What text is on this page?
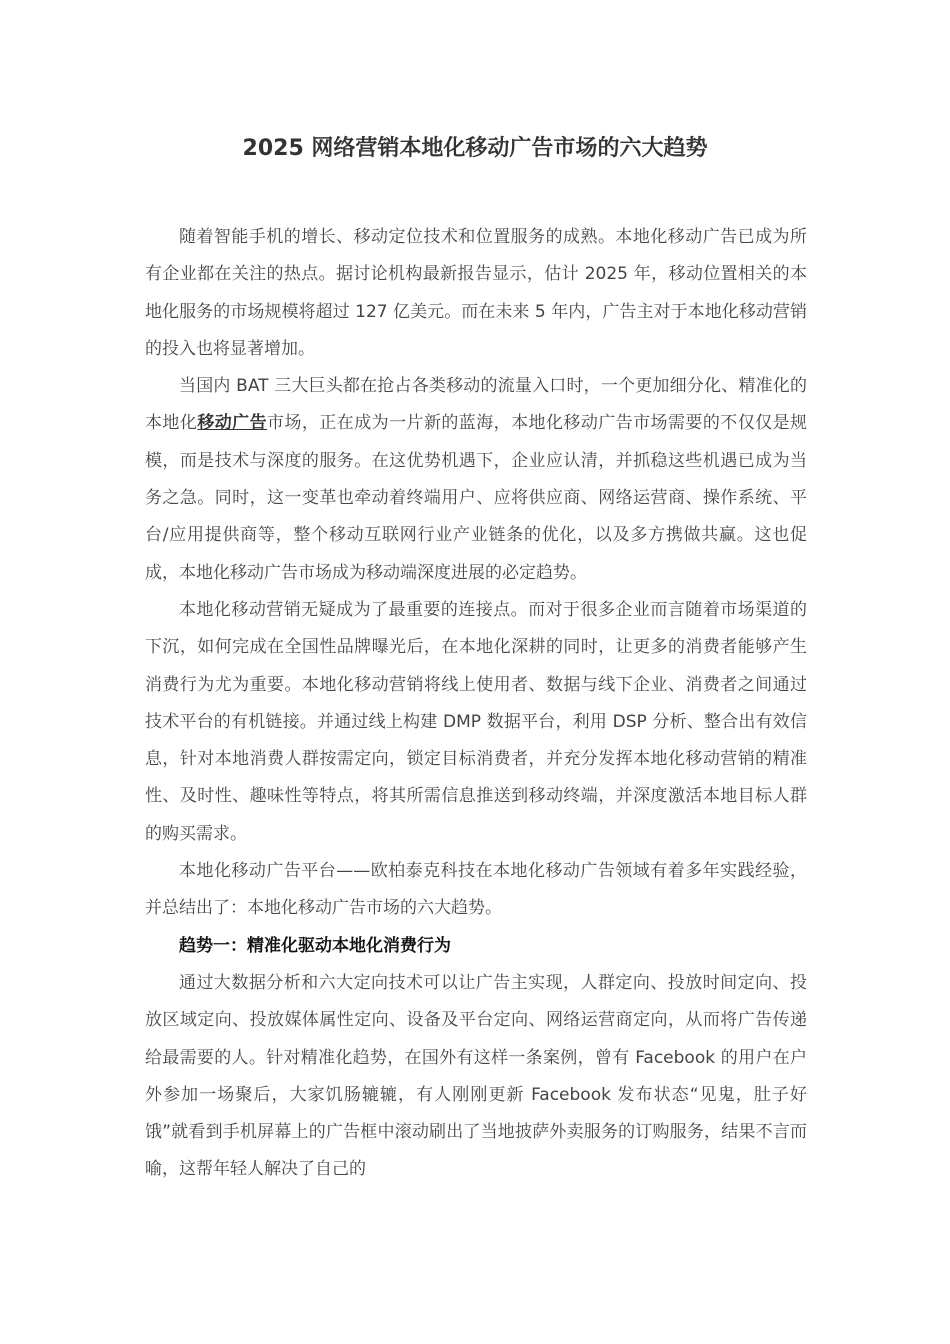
2025 网络营销本地化移动广告市场的六大趋势

随着智能手机的增长、移动定位技术和位置服务的成熟。本地化移动广告已成为所有企业都在关注的热点。据讨论机构最新报告显示，估计 2025 年，移动位置相关的本地化服务的市场规模将超过 127 亿美元。而在未来 5 年内，广告主对于本地化移动营销的投入也将显著增加。

当国内 BAT 三大巨头都在抢占各类移动的流量入口时，一个更加细分化、精准化的本地化移动广告市场，正在成为一片新的蓝海，本地化移动广告市场需要的不仅仅是规模，而是技术与深度的服务。在这优势机遇下，企业应认清，并抓稳这些机遇已成为当务之急。同时，这一变革也牵动着终端用户、应将供应商、网络运营商、操作系统、平台/应用提供商等，整个移动互联网行业产业链条的优化，以及多方携做共赢。这也促成，本地化移动广告市场成为移动端深度进展的必定趋势。

本地化移动营销无疑成为了最重要的连接点。而对于很多企业而言随着市场渠道的下沉，如何完成在全国性品牌曝光后，在本地化深耕的同时，让更多的消费者能够产生消费行为尤为重要。本地化移动营销将线上使用者、数据与线下企业、消费者之间通过技术平台的有机链接。并通过线上构建 DMP 数据平台，利用 DSP 分析、整合出有效信息，针对本地消费人群按需定向，锁定目标消费者，并充分发挥本地化移动营销的精准性、及时性、趣味性等特点，将其所需信息推送到移动终端，并深度激活本地目标人群的购买需求。

本地化移动广告平台——欧柏泰克科技在本地化移动广告领域有着多年实践经验，并总结出了：本地化移动广告市场的六大趋势。

趋势一：精准化驱动本地化消费行为

通过大数据分析和六大定向技术可以让广告主实现，人群定向、投放时间定向、投放区域定向、投放媒体属性定向、设备及平台定向、网络运营商定向，从而将广告传递给最需要的人。针对精准化趋势，在国外有这样一条案例，曾有 Facebook 的用户在户外参加一场聚后，大家饥肠辘辘，有人刚刚更新 Facebook 发布状态“见鬼，肚子好饿”就看到手机屏幕上的广告框中滚动刷出了当地披萨外卖服务的订购服务，结果不言而喻，这帮年轻人解决了自己的
